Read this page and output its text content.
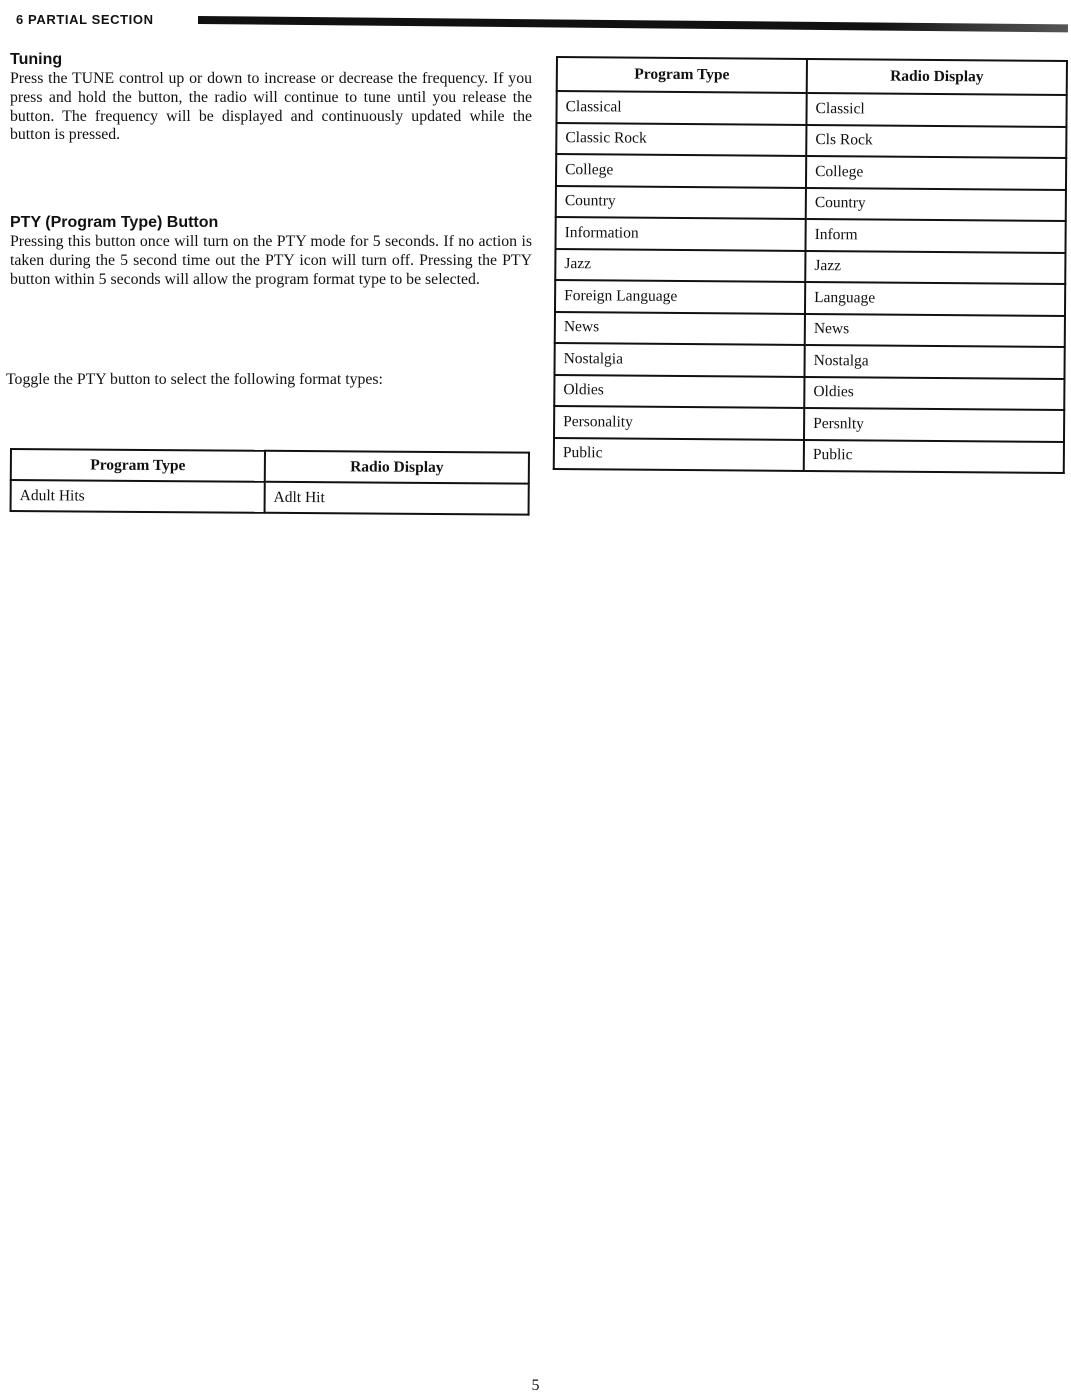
6 PARTIAL SECTION

Tuning

Press the TUNE control up or down to increase or decrease the frequency. If you press and hold the button, the radio will continue to tune until you release the button. The frequency will be displayed and continuously updated while the button is pressed.

PTY (Program Type) Button

Pressing this button once will turn on the PTY mode for 5 seconds. If no action is taken during the 5 second time out the PTY icon will turn off. Pressing the PTY button within 5 seconds will allow the program format type to be selected.

Toggle the PTY button to select the following format types:

Program Type	Radio Display
Adult Hits	Adlt Hit
Program Type	Radio Display
Classical	Classicl
Classic Rock	Cls Rock
College	College
Country	Country
Information	Inform
Jazz	Jazz
Foreign Language	Language
News	News
Nostalgia	Nostalga
Oldies	Oldies
Personality	Persnlty
Public	Public
5
